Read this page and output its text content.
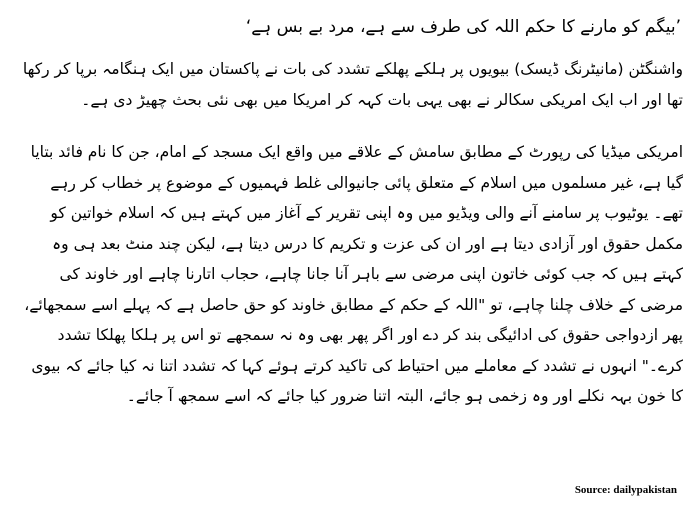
’بیگم کو مارنے کا حکم اللہ کی طرف سے ہے، مرد بے بس ہے‘

واشنگٹن (مانیٹرنگ ڈیسک) بیویوں پر ہلکے پھلکے تشدد کی بات نے پاکستان میں ایک ہنگامہ برپا کر رکھا تھا اور اب ایک امریکی سکالر نے بھی یہی بات کہہ کر امریکا میں بھی نئی بحث چھیڑ دی ہے۔

امریکی میڈیا کی رپورٹ کے مطابق سامش کے علاقے میں واقع ایک مسجد کے امام، جن کا نام فائد بتایا گیا ہے، غیر مسلموں میں اسلام کے متعلق پائی جانیوالی غلط فہمیوں کے موضوع پر خطاب کر رہے تھے۔ یوٹیوب پر سامنے آنے والی ویڈیو میں وہ اپنی تقریر کے آغاز میں کہتے ہیں کہ اسلام خواتین کو مکمل حقوق اور آزادی دیتا ہے اور ان کی عزت و تکریم کا درس دیتا ہے، لیکن چند منٹ بعد ہی وہ کہتے ہیں کہ جب کوئی خاتون اپنی مرضی سے باہر آنا جانا چاہے، حجاب اتارنا چاہے اور خاوند کی مرضی کے خلاف چلنا چاہے، تو "اللہ کے حکم کے مطابق خاوند کو حق حاصل ہے کہ پہلے اسے سمجھائے، پھر ازدواجی حقوق کی ادائیگی بند کر دے اور اگر پھر بھی وہ نہ سمجھے تو اس پر ہلکا پھلکا تشدد کرے۔" انہوں نے تشدد کے معاملے میں احتیاط کی تاکید کرتے ہوئے کہا کہ تشدد اتنا نہ کیا جائے کہ بیوی کا خون بہہ نکلے اور وہ زخمی ہو جائے، البتہ اتنا ضرور کیا جائے کہ اسے سمجھ آ جائے۔

Source: dailypakistan
